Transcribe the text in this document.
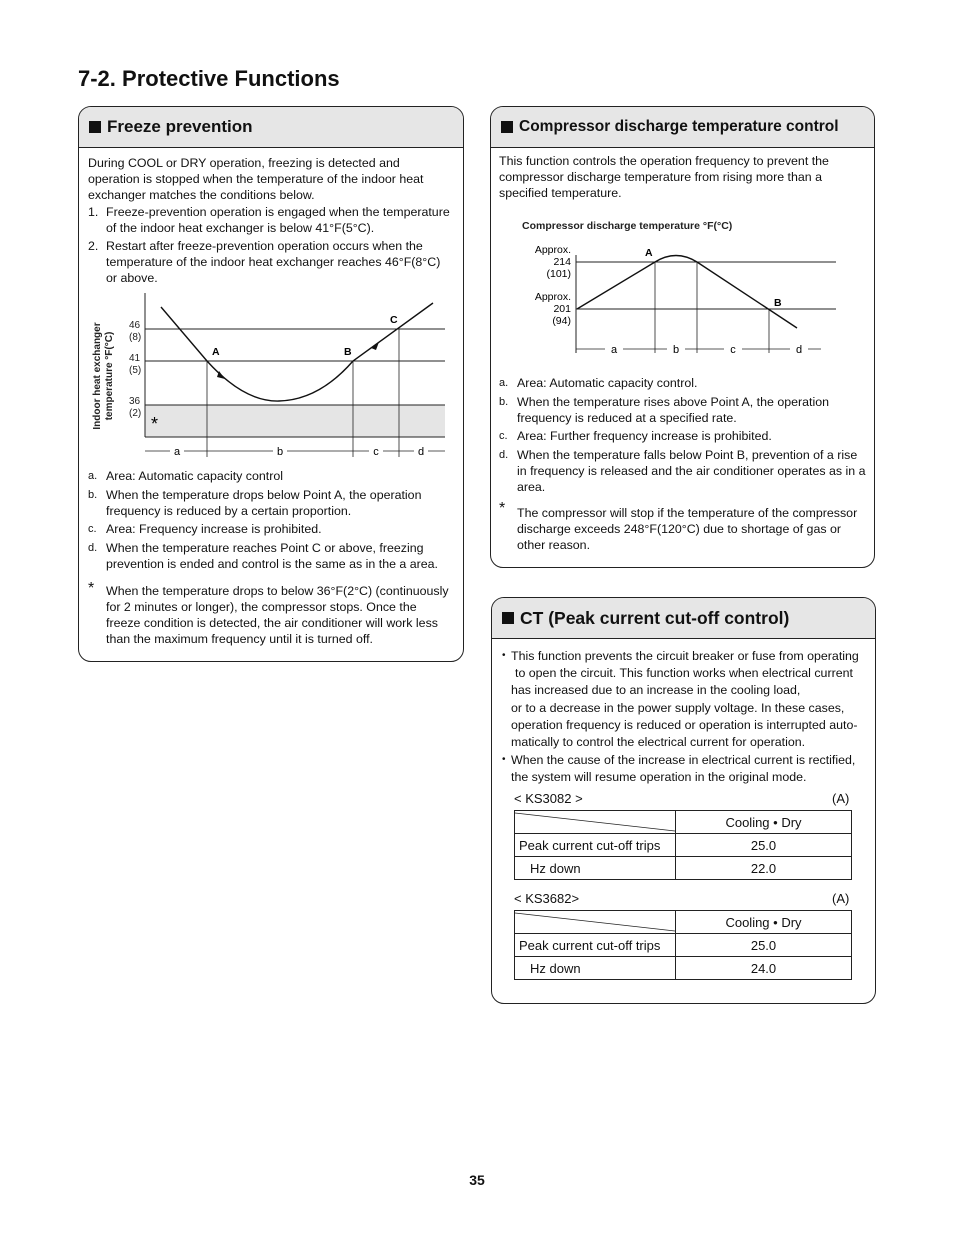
7-2. Protective Functions
Freeze prevention
During COOL or DRY operation, freezing is detected and operation is stopped when the temperature of the indoor heat exchanger matches the conditions below.
1. Freeze-prevention operation is engaged when the temperature of the indoor heat exchanger is below 41°F(5°C).
2. Restart after freeze-prevention operation occurs when the temperature of the indoor heat exchanger reaches 46°F(8°C) or above.
46
(8)
41
(5)
36
(2)
Indoor heat exchanger temperature °F(°C)	A	B
C
*
a	b	c	d
a. Area: Automatic capacity control
b. When the temperature drops below Point A, the operation frequency is reduced by a certain proportion.
c. Area: Frequency increase is prohibited.
d. When the temperature reaches Point C or above, freezing prevention is ended and control is the same as in the a area.
* When the temperature drops to below 36°F(2°C) (continuously for 2 minutes or longer), the compressor stops. Once the freeze condition is detected, the air conditioner will work less than the maximum frequency until it is turned off.
Compressor discharge temperature control
This function controls the operation frequency to prevent the compressor discharge temperature from rising more than a specified temperature.
Compressor discharge temperature °F(°C)
Approx.
214
(101)
Approx.
201
(94)
A
B
a	b	c	d
a. Area: Automatic capacity control.
b. When the temperature rises above Point A, the operation frequency is reduced at a specified rate.
c. Area: Further frequency increase is prohibited.
d. When the temperature falls below Point B, prevention of a rise in frequency is released and the air conditioner operates as in a area.
* The compressor will stop if the temperature of the compressor discharge exceeds 248°F(120°C) due to shortage of gas or other reason.
CT (Peak current cut-off control)
• This function prevents the circuit breaker or fuse from operating
to open the circuit. This function works when electrical current
has increased due to an increase in the cooling load,
or to a decrease in the power supply voltage. In these cases,
operation frequency is reduced or operation is interrupted auto-
matically to control the electrical current for operation.
• When the cause of the increase in electrical current is rectified,
the system will resume operation in the original mode.
< KS3082 >	(A)
	Cooling • Dry
Peak current cut-off trips	25.0
Hz down	22.0
< KS3682>	(A)
	Cooling • Dry
Peak current cut-off trips	25.0
Hz down	24.0
35
